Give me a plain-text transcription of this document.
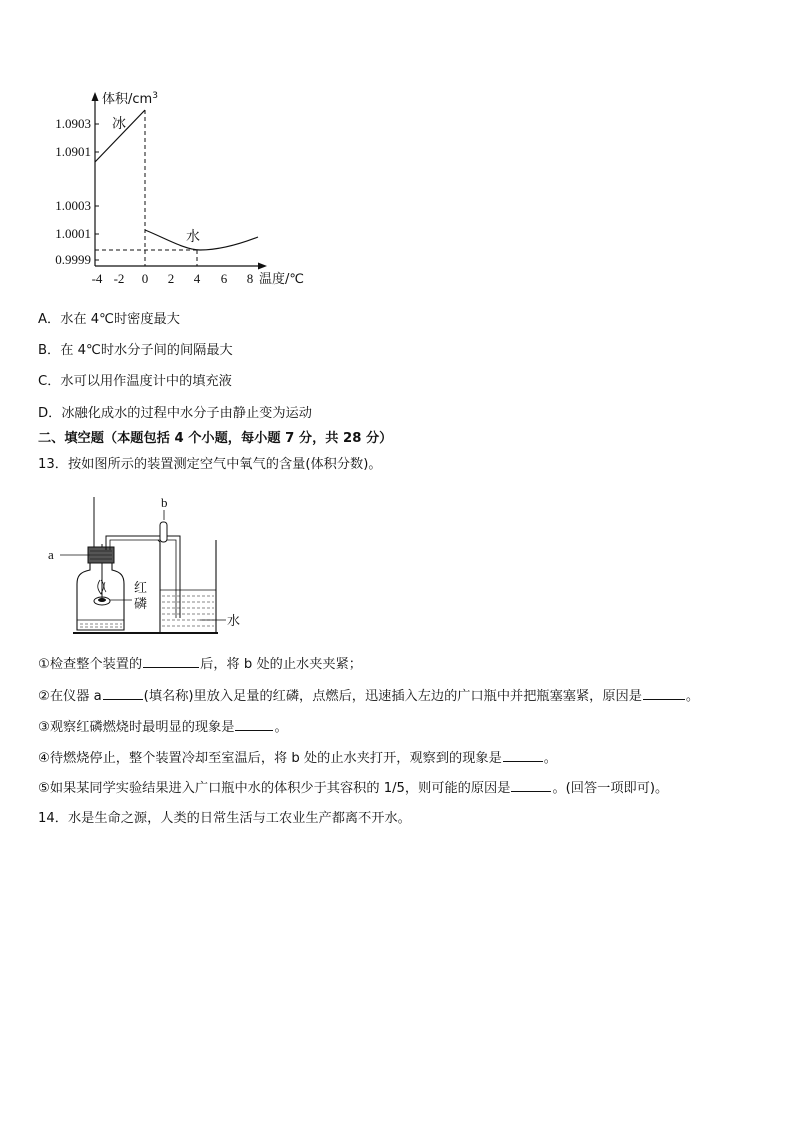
体积$/cm^3$
温度/℃
1.0903
1.0901
1.0003
1.0001
0.9999
-4 -2 0 2 4 6 8
冰
水
A．水在 4℃时密度最大
B．在 4℃时水分子间的间隔最大
C．水可以用作温度计中的填充液
D．冰融化成水的过程中水分子由静止变为运动
二、填空题（本题包括 4 个小题，每小题 7 分，共 28 分）
13．按如图所示的装置测定空气中氧气的含量(体积分数)。
a
红
磷
b
水
①检查整个装置的	后，将 b 处的止水夹夹紧；
②在仪器 a	(填名称)里放入足量的红磷，点燃后，迅速插入左边的广口瓶中并把瓶塞塞紧，原因是	。
③观察红磷燃烧时最明显的现象是	。
④待燃烧停止，整个装置冷却至室温后，将 b 处的止水夹打开，观察到的现象是	。
⑤如果某同学实验结果进入广口瓶中水的体积少于其容积的 1/5，则可能的原因是	。(回答一项即可)。
14．水是生命之源，人类的日常生活与工农业生产都离不开水。
